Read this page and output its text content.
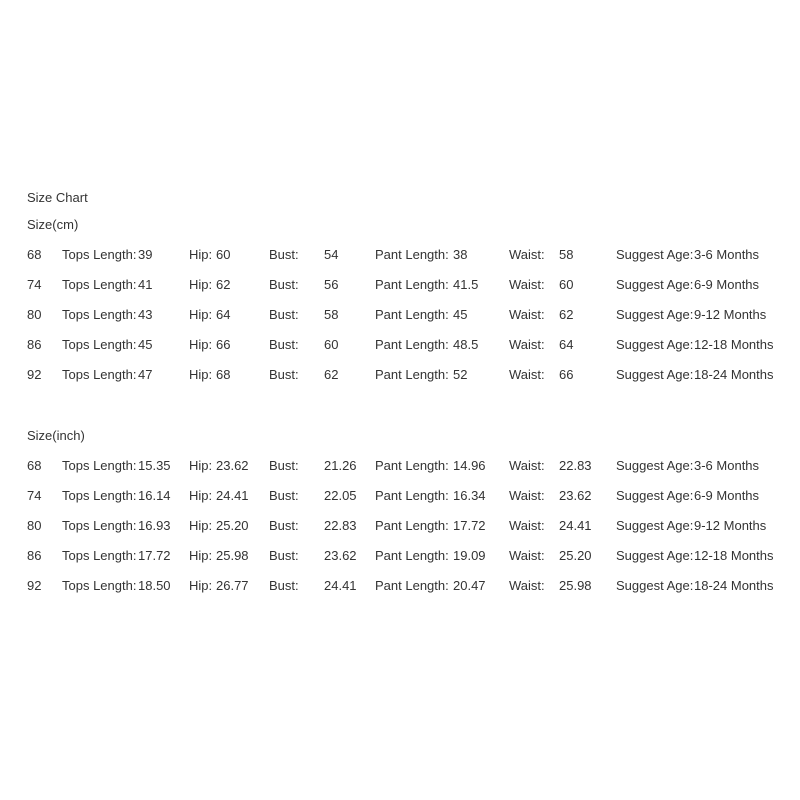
Size Chart
Size(cm)
68	Tops Length: 39	Hip: 60	Bust:	54	Pant Length: 38	Waist:	58	Suggest Age: 3-6 Months
74	Tops Length: 41	Hip: 62	Bust:	56	Pant Length: 41.5	Waist:	60	Suggest Age: 6-9 Months
80	Tops Length: 43	Hip: 64	Bust:	58	Pant Length: 45	Waist:	62	Suggest Age: 9-12 Months
86	Tops Length: 45	Hip: 66	Bust:	60	Pant Length: 48.5	Waist:	64	Suggest Age: 12-18 Months
92	Tops Length: 47	Hip: 68	Bust:	62	Pant Length: 52	Waist:	66	Suggest Age: 18-24 Months
Size(inch)
68	Tops Length: 15.35	Hip: 23.62	Bust:	21.26	Pant Length: 14.96	Waist:	22.83	Suggest Age: 3-6 Months
74	Tops Length: 16.14	Hip: 24.41	Bust:	22.05	Pant Length: 16.34	Waist:	23.62	Suggest Age: 6-9 Months
80	Tops Length: 16.93	Hip: 25.20	Bust:	22.83	Pant Length: 17.72	Waist:	24.41	Suggest Age: 9-12 Months
86	Tops Length: 17.72	Hip: 25.98	Bust:	23.62	Pant Length: 19.09	Waist:	25.20	Suggest Age: 12-18 Months
92	Tops Length: 18.50	Hip: 26.77	Bust:	24.41	Pant Length: 20.47	Waist:	25.98	Suggest Age: 18-24 Months
